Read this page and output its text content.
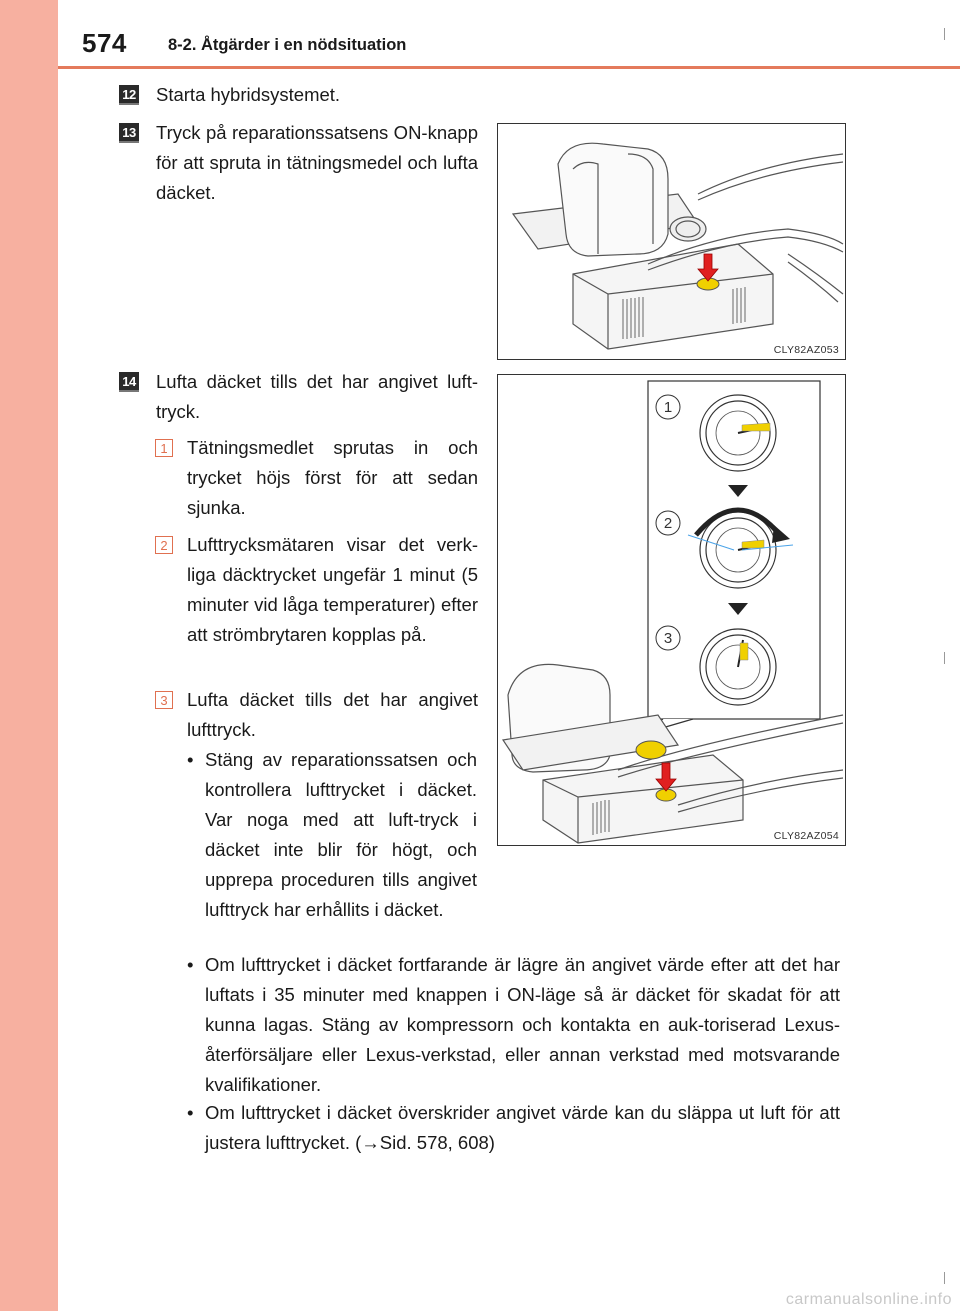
574 8-2. Åtgärder i en nödsituation
12 Starta hybridsystemet.
13 Tryck på reparationssatsens ON-knapp för att spruta in tätningsmedel och lufta däcket.
CLY82AZ053
14 Lufta däcket tills det har angivet luft-tryck.
1 Tätningsmedlet sprutas in och trycket höjs först för att sedan sjunka.
2 Lufttrycksmätaren visar det verk-liga däcktrycket ungefär 1 minut (5 minuter vid låga temperaturer) efter att strömbrytaren kopplas på.
3 Lufta däcket tills det har angivet lufttryck.
• Stäng av reparationssatsen och kontrollera lufttrycket i däcket. Var noga med att luft-tryck i däcket inte blir för högt, och upprepa proceduren tills angivet lufttryck har erhållits i däcket.
• Om lufttrycket i däcket fortfarande är lägre än angivet värde efter att det har luftats i 35 minuter med knappen i ON-läge så är däcket för skadat för att kunna lagas. Stäng av kompressorn och kontakta en auk-toriserad Lexus-återförsäljare eller Lexus-verkstad, eller annan verkstad med motsvarande kvalifikationer.
• Om lufttrycket i däcket överskrider angivet värde kan du släppa ut luft för att justera lufttrycket. (→Sid. 578, 608)
1
2
3
CLY82AZ054
carmanualsonline.info
